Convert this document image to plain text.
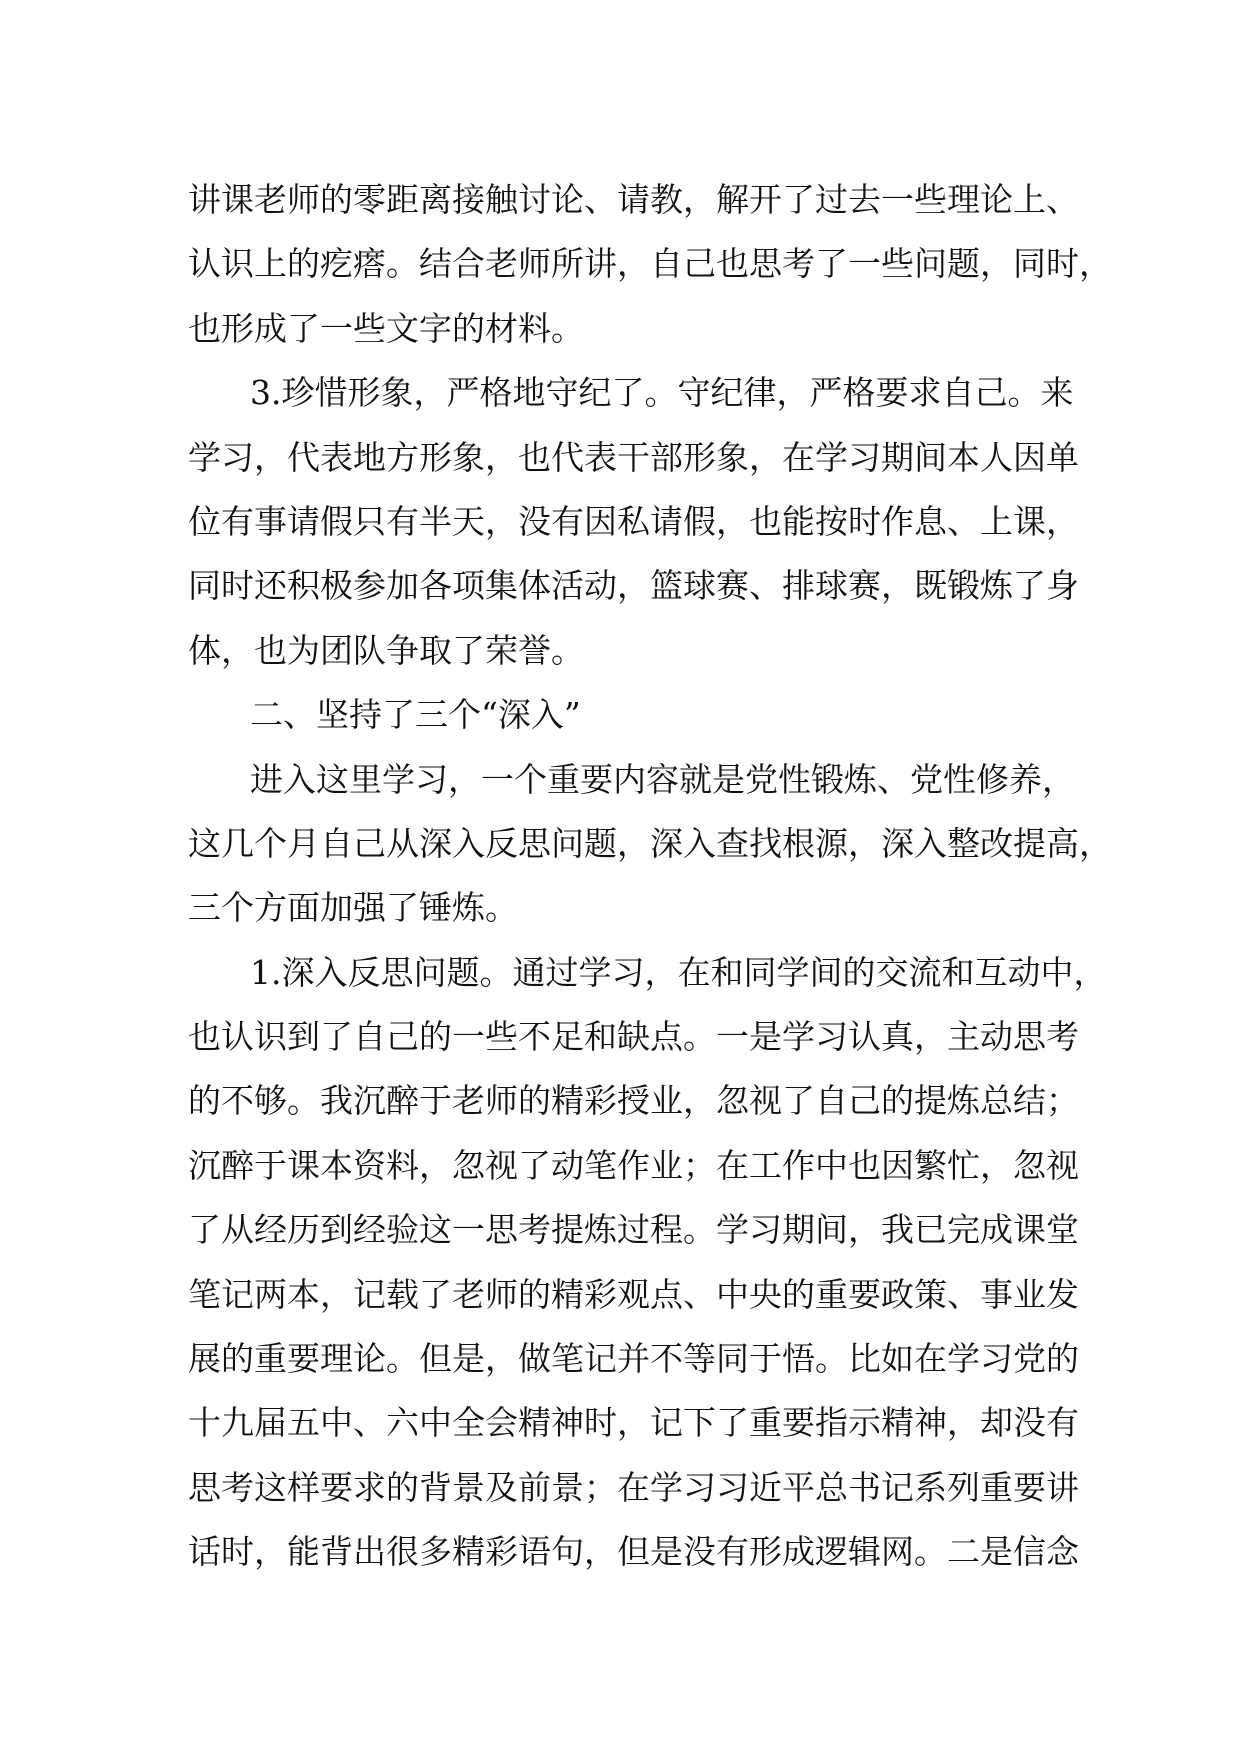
讲课老师的零距离接触讨论、请教，解开了过去一些理论上、
认识上的疙瘩。结合老师所讲，自己也思考了一些问题，同时，
也形成了一些文字的材料。
3.珍惜形象，严格地守纪了。守纪律，严格要求自己。来
学习，代表地方形象，也代表干部形象，在学习期间本人因单
位有事请假只有半天，没有因私请假，也能按时作息、上课，
同时还积极参加各项集体活动，篮球赛、排球赛，既锻炼了身
体，也为团队争取了荣誉。
二、坚持了三个“深入”
进入这里学习，一个重要内容就是党性锻炼、党性修养，
这几个月自己从深入反思问题，深入查找根源，深入整改提高，
三个方面加强了锤炼。
1.深入反思问题。通过学习，在和同学间的交流和互动中，
也认识到了自己的一些不足和缺点。一是学习认真，主动思考
的不够。我沉醉于老师的精彩授业，忽视了自己的提炼总结；
沉醉于课本资料，忽视了动笔作业；在工作中也因繁忙，忽视
了从经历到经验这一思考提炼过程。学习期间，我已完成课堂
笔记两本，记载了老师的精彩观点、中央的重要政策、事业发
展的重要理论。但是，做笔记并不等同于悟。比如在学习党的
十九届五中、六中全会精神时，记下了重要指示精神，却没有
思考这样要求的背景及前景；在学习习近平总书记系列重要讲
话时，能背出很多精彩语句，但是没有形成逻辑网。二是信念
